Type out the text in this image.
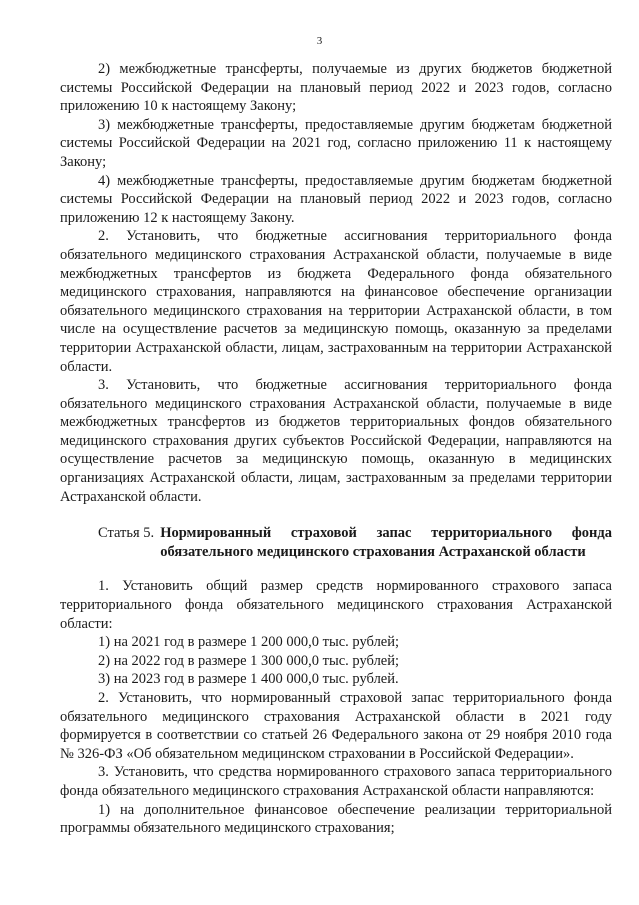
3

2) межбюджетные трансферты, получаемые из других бюджетов бюджетной системы Российской Федерации на плановый период 2022 и 2023 годов, согласно приложению 10 к настоящему Закону;

3) межбюджетные трансферты, предоставляемые другим бюджетам бюджетной системы Российской Федерации на 2021 год, согласно приложению 11 к настоящему Закону;

4) межбюджетные трансферты, предоставляемые другим бюджетам бюджетной системы Российской Федерации на плановый период 2022 и 2023 годов, согласно приложению 12 к настоящему Закону.

2. Установить, что бюджетные ассигнования территориального фонда обязательного медицинского страхования Астраханской области, получаемые в виде межбюджетных трансфертов из бюджета Федерального фонда обязательного медицинского страхования, направляются на финансовое обеспечение организации обязательного медицинского страхования на территории Астраханской области, в том числе на осуществление расчетов за медицинскую помощь, оказанную за пределами территории Астраханской области, лицам, застрахованным на территории Астраханской области.

3. Установить, что бюджетные ассигнования территориального фонда обязательного медицинского страхования Астраханской области, получаемые в виде межбюджетных трансфертов из бюджетов территориальных фондов обязательного медицинского страхования других субъектов Российской Федерации, направляются на осуществление расчетов за медицинскую помощь, оказанную в медицинских организациях Астраханской области, лицам, застрахованным за пределами территории Астраханской области.

Статья 5. Нормированный страховой запас территориального фонда обязательного медицинского страхования Астраханской области

1. Установить общий размер средств нормированного страхового запаса территориального фонда обязательного медицинского страхования Астраханской области:

1) на 2021 год в размере 1 200 000,0 тыс. рублей;

2) на 2022 год в размере 1 300 000,0 тыс. рублей;

3) на 2023 год в размере 1 400 000,0 тыс. рублей.

2. Установить, что нормированный страховой запас территориального фонда обязательного медицинского страхования Астраханской области в 2021 году формируется в соответствии со статьей 26 Федерального закона от 29 ноября 2010 года № 326-ФЗ «Об обязательном медицинском страховании в Российской Федерации».

3. Установить, что средства нормированного страхового запаса территориального фонда обязательного медицинского страхования Астраханской области направляются:

1) на дополнительное финансовое обеспечение реализации территориальной программы обязательного медицинского страхования;
